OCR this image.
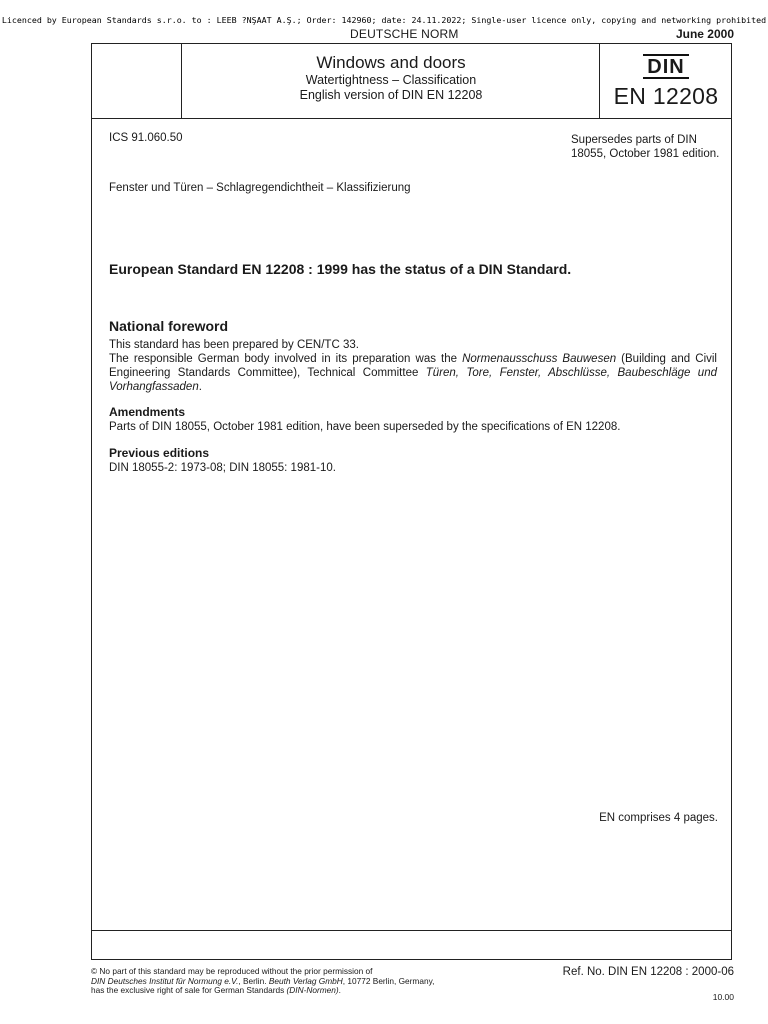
Licenced by European Standards s.r.o. to : LEEB ?NŞAAT A.Ş.; Order: 142960; date: 24.11.2022; Single-user licence only, copying and networking prohibited
DEUTSCHE NORM	June 2000
Windows and doors
Watertightness – Classification
English version of DIN EN 12208
DIN
EN 12208
ICS 91.060.50	Supersedes parts of DIN 18055, October 1981 edition.
Fenster und Türen – Schlagregendichtheit – Klassifizierung
European Standard EN 12208 : 1999 has the status of a DIN Standard.
National foreword

This standard has been prepared by CEN/TC 33.

The responsible German body involved in its preparation was the Normenausschuss Bauwesen (Building and Civil Engineering Standards Committee), Technical Committee Türen, Tore, Fenster, Abschlüsse, Baubeschläge und Vorhangfassaden.

Amendments
Parts of DIN 18055, October 1981 edition, have been superseded by the specifications of EN 12208.
Previous editions
DIN 18055-2: 1973-08; DIN 18055: 1981-10.
EN comprises 4 pages.
© No part of this standard may be reproduced without the prior permission of
DIN Deutsches Institut für Normung e.V., Berlin. Beuth Verlag GmbH, 10772 Berlin, Germany,
has the exclusive right of sale for German Standards (DIN-Normen).
Ref. No. DIN EN 12208 : 2000-06
10.00
